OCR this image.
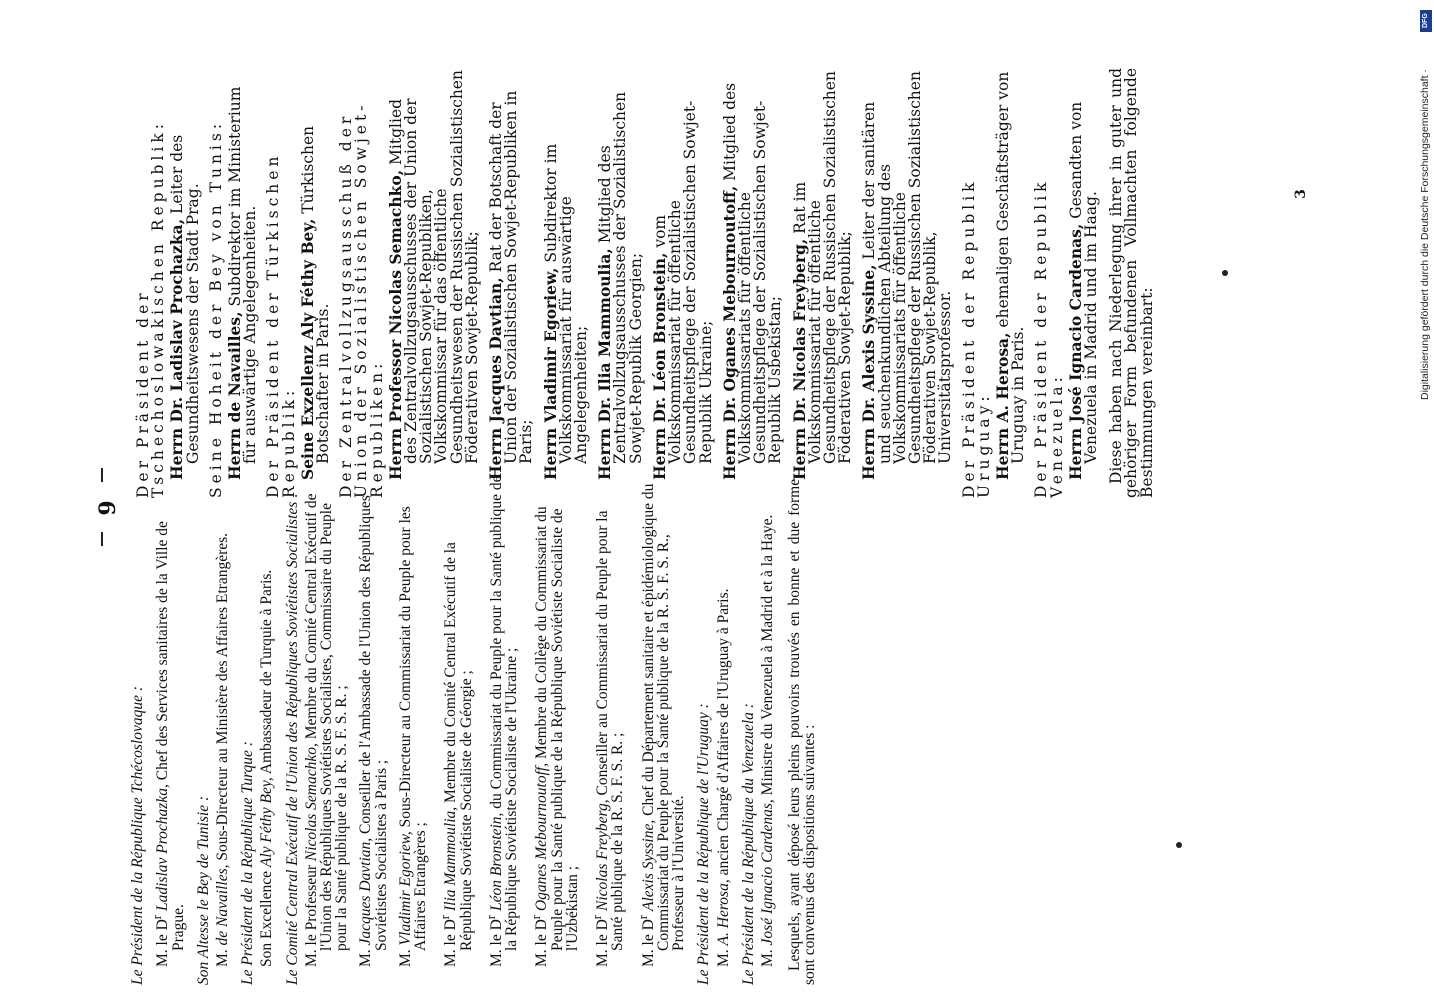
9

Le Président de la République Tchécoslovaque : M. le $D^r$ Ladislav Prochazka, Chef des Services sanitaires de la Ville de Prague. Son Altesse le Bey de Tunisie : M. de Navailles, Sous-Directeur au Ministère des Affaires Etrangères. Le Président de la République Turque : Son Excellence Aly Féthy Bey, Ambassadeur de Turquie à Paris. Le Comité Central Exécutif de l'Union des Républiques Soviétistes Socialistes : M. le Professeur Nicolas Semachko, Membre du Comité Central Exécutif de l'Union des Républiques Soviétistes Socialistes, Commissaire du Peuple pour la Santé publique de la R. S. F. S. R. ;

M. Jacques Davtian, Conseiller de l'Ambassade de l'Union des Républiques Soviétistes Socialistes à Paris ;

M. Vladimir Egoriew, Sous-Directeur au Commissariat du Peuple pour les Affaires Etrangères ; M. le $D^r$ Ilia Mammoulia, Membre du Comité Central Exécutif de la République Soviétiste Socialiste de Géorgie ; M. le $D^r$ Léon Bronstein, du Commissariat du Peuple pour la Santé publique de la République Soviétiste Socialiste de l'Ukraine ; M. le $D^r$ Oganes Mebournoutoff, Membre du Collège du Commissariat du Peuple pour la Santé publique de la République Soviétiste Socialiste de l'Uzbékistan ; M. le $D^r$ Nicolas Freyberg, Conseiller au Commissariat du Peuple pour la Santé publique de la R. S. F. S. R. ; M. le $D^r$ Alexis Syssine, Chef du Département sanitaire et épidémiologique du Commissariat du Peuple pour la Santé publique de la R. S. F. S. R., Professeur à l'Université. Le Président de la République de l'Uruguay : M. A. Herosa, ancien Chargé d'Affaires de l'Uruguay à Paris. Le Président de la République du Venezuela : M. José Ignacio Cardenas, Ministre du Venezuela à Madrid et à la Haye. Lesquels, ayant déposé leurs pleins pouvoirs trouvés en bonne et due forme, sont convenus des dispositions suivantes :

Der Präsident der Tschechoslowakischen Republik: Herrn Dr. Ladislav Prochazka, Leiter des Gesundheitswesens der Stadt Prag. Seine Hoheit der Bey von Tunis: Herrn de Navailles, Subdirektor im Ministerium für auswärtige Angelegenheiten. Der Präsident der Türkischen Republik: Seine Exzellenz Aly Féthy Bey, Türkischen Botschafter in Paris. Der Zentralvollzugsausschuß der Union der Sozialistischen Sowjet-Republiken: Herrn Professor Nicolas Semachko, Mitglied des Zentralvollzugsausschusses der Union der Sozialistischen Sowjet-Republiken, Volkskommissar für das öffentliche Gesundheitswesen der Russischen Sozialistischen Föderativen Sowjet-Republik; Herrn Jacques Davtian, Rat der Botschaft der Union der Sozialistischen Sowjet-Republiken in Paris; Herrn Vladimir Egoriew, Subdirektor im Volkskommissariat für auswärtige Angelegenheiten; Herrn Dr. Ilia Mammoulia, Mitglied des Zentralvollzugsausschusses der Sozialistischen Sowjet-Republik Georgien; Herrn Dr. Léon Bronstein, vom Volkskommissariat für öffentliche Gesundheitspflege der Sozialistischen Sowjet-Republik Ukraine; Herrn Dr. Oganes Mebournoutoff, Mitglied des Volkskommissariats für öffentliche Gesundheitspflege der Sozialistischen Sowjet-Republik Usbekistan; Herrn Dr. Nicolas Freyberg, Rat im Volkskommissariat für öffentliche Gesundheitspflege der Russischen Sozialistischen Föderativen Sowjet-Republik; Herrn Dr. Alexis Syssine, Leiter der sanitären und seuchenkundlichen Abteilung des Volkskommissariats für öffentliche Gesundheitspflege der Russischen Sozialistischen Föderativen Sowjet-Republik, Universitätsprofessor. Der Präsident der Republik Uruguay: Herrn A. Herosa, ehemaligen Geschäftsträger von Uruguay in Paris. Der Präsident der Republik Venezuela: Herrn José Ignacio Cardenas, Gesandten von Venezuela in Madrid und im Haag. Diese haben nach Niederlegung ihrer in guter und gehöriger Form befundenen Vollmachten folgende Bestimmungen vereinbart:

3
DFG
Digitalisierung gefördert durch die Deutsche Forschungsgemeinschaft ·
